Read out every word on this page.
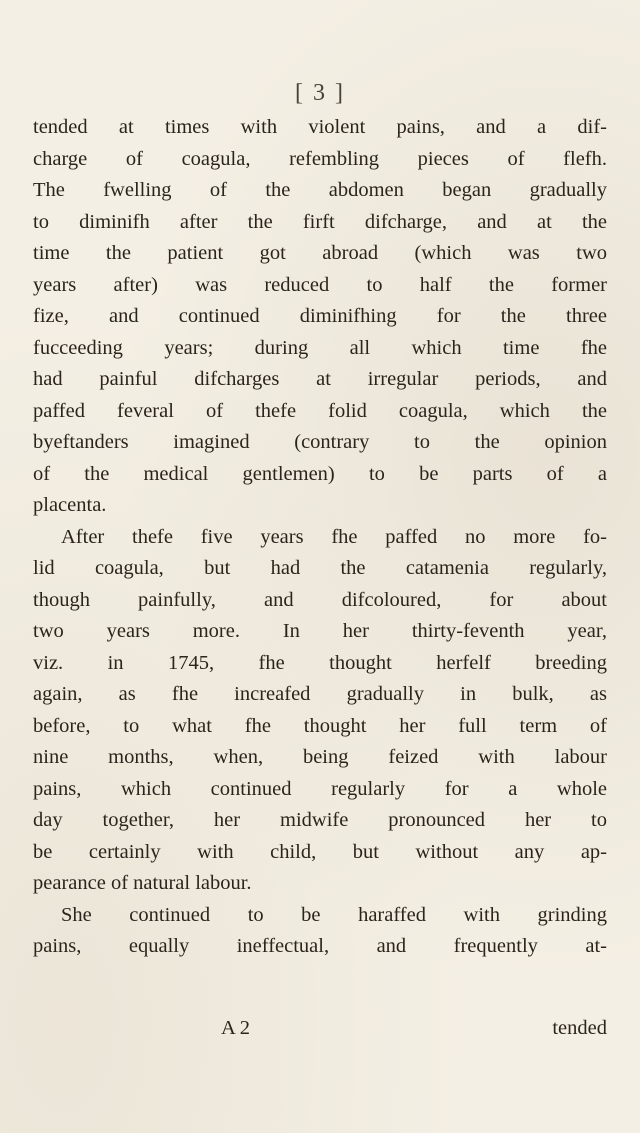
[ 3 ]
tended at times with violent pains, and a dif-
charge of coagula, refembling pieces of flefh.
The fwelling of the abdomen began gradually
to diminifh after the firft difcharge, and at the
time the patient got abroad (which was two
years after) was reduced to half the former
fize, and continued diminifhing for the three
fucceeding years; during all which time fhe
had painful difcharges at irregular periods, and
paffed feveral of thefe folid coagula, which the
byeftanders imagined (contrary to the opinion
of the medical gentlemen) to be parts of a
placenta.
After thefe five years fhe paffed no more fo-
lid coagula, but had the catamenia regularly,
though painfully, and difcoloured, for about
two years more. In her thirty-feventh year,
viz. in 1745, fhe thought herfelf breeding
again, as fhe increafed gradually in bulk, as
before, to what fhe thought her full term of
nine months, when, being feized with labour
pains, which continued regularly for a whole
day together, her midwife pronounced her to
be certainly with child, but without any ap-
pearance of natural labour.
She continued to be haraffed with grinding
pains, equally ineffectual, and frequently at-
A 2	tended
